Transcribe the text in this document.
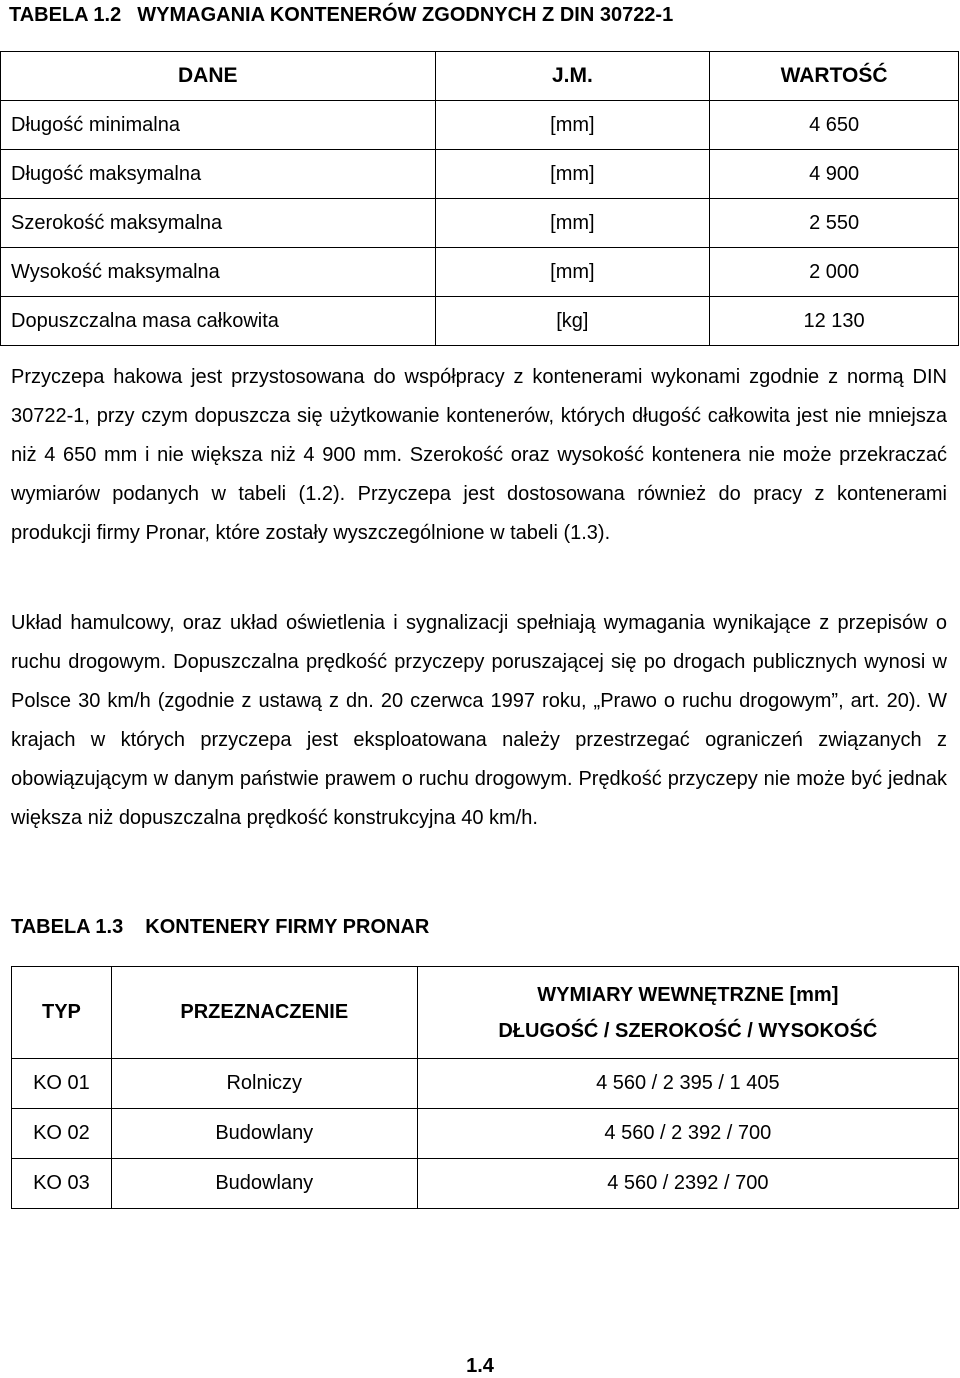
TABELA 1.2 WYMAGANIA KONTENERÓW ZGODNYCH Z DIN 30722-1
DANE	J.M.	WARTOŚĆ
Długość minimalna	[mm]	4 650
Długość maksymalna	[mm]	4 900
Szerokość maksymalna	[mm]	2 550
Wysokość maksymalna	[mm]	2 000
Dopuszczalna masa całkowita	[kg]	12 130

Przyczepa hakowa jest przystosowana do współpracy z kontenerami wykonami zgodnie z normą DIN 30722-1, przy czym dopuszcza się użytkowanie kontenerów, których długość całkowita jest nie mniejsza niż 4 650 mm i nie większa niż 4 900 mm. Szerokość oraz wysokość kontenera nie może przekraczać wymiarów podanych w tabeli (1.2). Przyczepa jest dostosowana również do pracy z kontenerami produkcji firmy Pronar, które zostały wyszczególnione w tabeli (1.3).

Układ hamulcowy, oraz układ oświetlenia i sygnalizacji spełniają wymagania wynikające z przepisów o ruchu drogowym. Dopuszczalna prędkość przyczepy poruszającej się po drogach publicznych wynosi w Polsce 30 km/h (zgodnie z ustawą z dn. 20 czerwca 1997 roku, „Prawo o ruchu drogowym”, art. 20). W krajach w których przyczepa jest eksploatowana należy przestrzegać ograniczeń związanych z obowiązującym w danym państwie prawem o ruchu drogowym. Prędkość przyczepy nie może być jednak większa niż dopuszczalna prędkość konstrukcyjna 40 km/h.

TABELA 1.3 KONTENERY FIRMY PRONAR
TYP	PRZEZNACZENIE	WYMIARY WEWNĘTRZNE [mm]
DŁUGOŚĆ / SZEROKOŚĆ / WYSOKOŚĆ

KO 01	Rolniczy	4 560 / 2 395 / 1 405
KO 02	Budowlany	4 560 / 2 392 / 700
KO 03	Budowlany	4 560 / 2392 / 700
1.4
